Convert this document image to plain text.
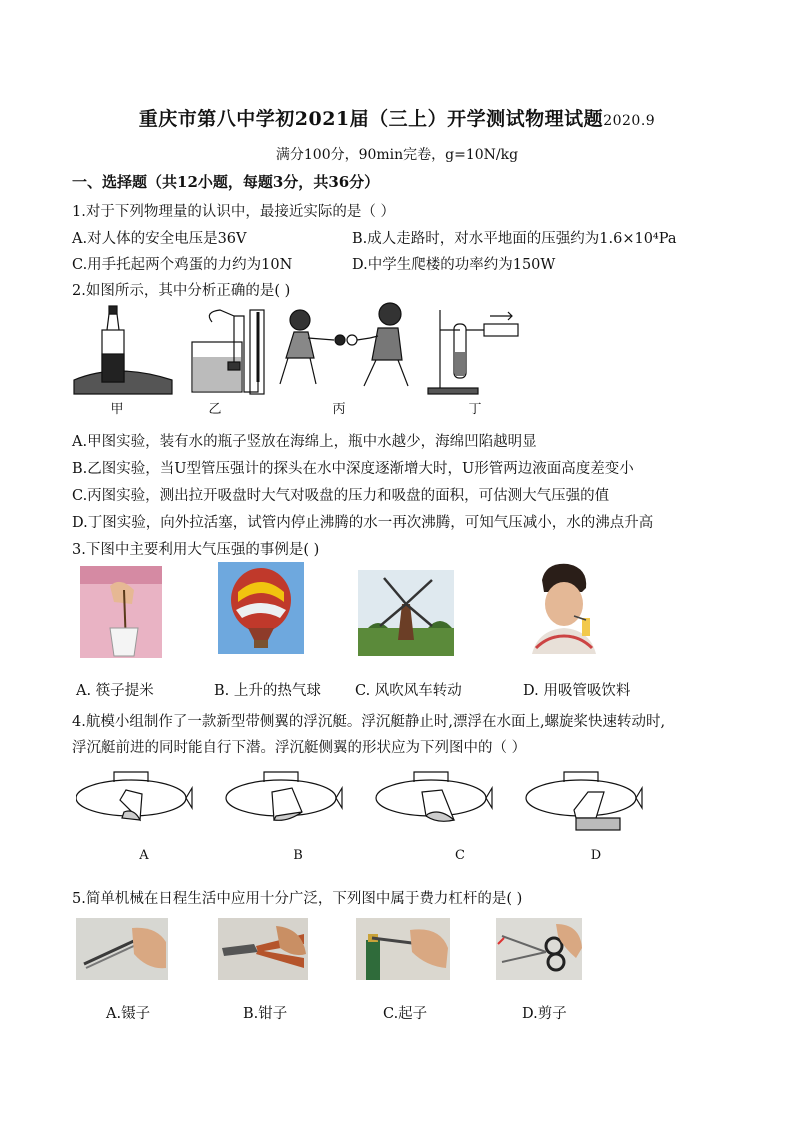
重庆市第八中学初2021届（三上）开学测试物理试题2020.9
满分100分，90min完卷，g=10N/kg
一、选择题（共12小题，每题3分，共36分）
1.对于下列物理量的认识中，最接近实际的是（ ）
A.对人体的安全电压是36V	B.成人走路时，对水平地面的压强约为1.6×10⁴Pa
C.用手托起两个鸡蛋的力约为10N	D.中学生爬楼的功率约为150W
2.如图所示，其中分析正确的是( )
甲	乙	丙	丁
A.甲图实验，装有水的瓶子竖放在海绵上，瓶中水越少，海绵凹陷越明显
B.乙图实验，当U型管压强计的探头在水中深度逐渐增大时，U形管两边液面高度差变小
C.丙图实验，测出拉开吸盘时大气对吸盘的压力和吸盘的面积，可估测大气压强的值
D.丁图实验，向外拉活塞，试管内停止沸腾的水一再次沸腾，可知气压减小，水的沸点升高
3.下图中主要利用大气压强的事例是( )
A. 筷子提米	B. 上升的热气球 C. 风吹风车转动	D. 用吸管吸饮料
4.航模小组制作了一款新型带侧翼的浮沉艇。浮沉艇静止时,漂浮在水面上,螺旋桨快速转动时,
浮沉艇前进的同时能自行下潜。浮沉艇侧翼的形状应为下列图中的（ ）
A	B	C	D
5.简单机械在日程生活中应用十分广泛，下列图中属于费力杠杆的是( )
A.镊子	B.钳子	C.起子	D.剪子
